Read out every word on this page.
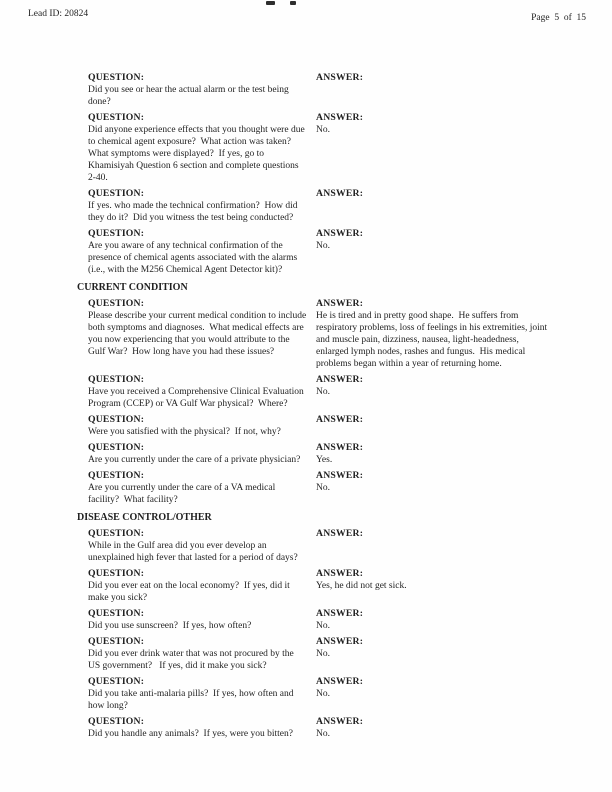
Lead ID: 20824	Page  5  of  15
QUESTION:
Did you see or hear the actual alarm or the test being done?
ANSWER:
QUESTION:
Did anyone experience effects that you thought were due to chemical agent exposure?  What action was taken?  What symptoms were displayed?  If yes, go to Khamisiyah Question 6 section and complete questions 2-40.
ANSWER:
No.
QUESTION:
If yes. who made the technical confirmation?  How did they do it?  Did you witness the test being conducted?
ANSWER:
QUESTION:
Are you aware of any technical confirmation of the presence of chemical agents associated with the alarms (i.e., with the M256 Chemical Agent Detector kit)?
ANSWER:
No.
CURRENT CONDITION
QUESTION:
Please describe your current medical condition to include both symptoms and diagnoses.  What medical effects are you now experiencing that you would attribute to the Gulf War?  How long have you had these issues?
ANSWER:
He is tired and in pretty good shape.  He suffers from respiratory problems, loss of feelings in his extremities, joint and muscle pain, dizziness, nausea, light-headedness, enlarged lymph nodes, rashes and fungus.  His medical problems began within a year of returning home.
QUESTION:
Have you received a Comprehensive Clinical Evaluation Program (CCEP) or VA Gulf War physical?  Where?
ANSWER:
No.
QUESTION:
Were you satisfied with the physical?  If not, why?
ANSWER:
QUESTION:
Are you currently under the care of a private physician?
ANSWER:
Yes.
QUESTION:
Are you currently under the care of a VA medical facility?  What facility?
ANSWER:
No.
DISEASE CONTROL/OTHER
QUESTION:
While in the Gulf area did you ever develop an unexplained high fever that lasted for a period of days?
ANSWER:
QUESTION:
Did you ever eat on the local economy?  If yes, did it make you sick?
ANSWER:
Yes, he did not get sick.
QUESTION:
Did you use sunscreen?  If yes, how often?
ANSWER:
No.
QUESTION:
Did you ever drink water that was not procured by the US government?   If yes, did it make you sick?
ANSWER:
No.
QUESTION:
Did you take anti-malaria pills?  If yes, how often and how long?
ANSWER:
No.
QUESTION:
Did you handle any animals?  If yes, were you bitten?
ANSWER:
No.
